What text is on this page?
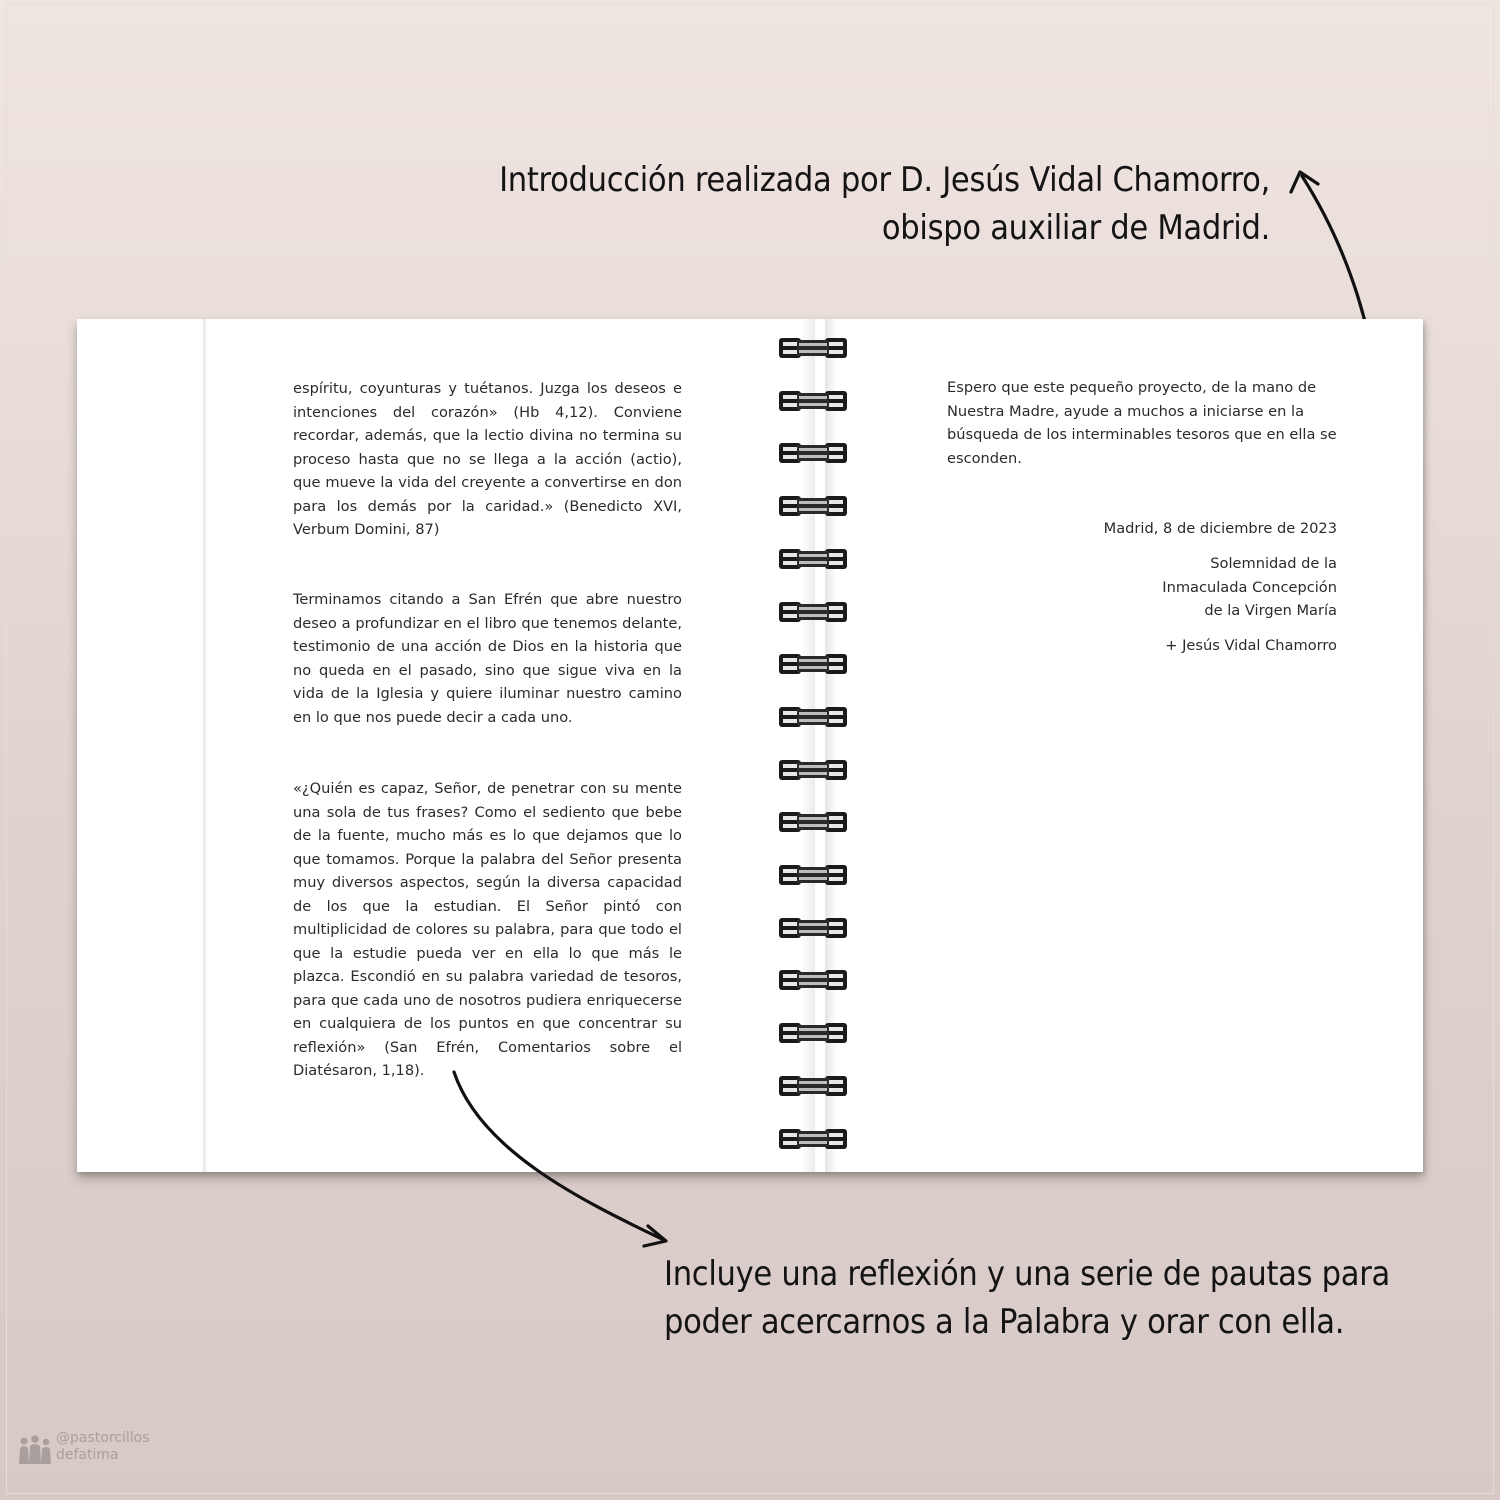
Introducción realizada por D. Jesús Vidal Chamorro,
obispo auxiliar de Madrid.

espíritu, coyunturas y tuétanos. Juzga los deseos e intenciones del corazón» (Hb 4,12). Conviene recordar, además, que la lectio divina no termina su proceso hasta que no se llega a la acción (actio), que mueve la vida del creyente a convertirse en don para los demás por la caridad.» (Benedicto XVI, Verbum Domini, 87)

Terminamos citando a San Efrén que abre nuestro deseo a profundizar en el libro que tenemos delante, testimonio de una acción de Dios en la historia que no queda en el pasado, sino que sigue viva en la vida de la Iglesia y quiere iluminar nuestro camino en lo que nos puede decir a cada uno.

«¿Quién es capaz, Señor, de penetrar con su mente una sola de tus frases? Como el sediento que bebe de la fuente, mucho más es lo que dejamos que lo que tomamos. Porque la palabra del Señor presenta muy diversos aspectos, según la diversa capacidad de los que la estudian. El Señor pintó con multiplicidad de colores su palabra, para que todo el que la estudie pueda ver en ella lo que más le plazca. Escondió en su palabra variedad de tesoros, para que cada uno de nosotros pudiera enriquecerse en cualquiera de los puntos en que concentrar su reflexión» (San Efrén, Comentarios sobre el Diatésaron, 1,18).

Espero que este pequeño proyecto, de la mano de Nuestra Madre, ayude a muchos a iniciarse en la búsqueda de los interminables tesoros que en ella se esconden.

Madrid, 8 de diciembre de 2023

Solemnidad de la
Inmaculada Concepción
de la Virgen María

+ Jesús Vidal Chamorro

Incluye una reflexión y una serie de pautas para
poder acercarnos a la Palabra y orar con ella.
@pastorcillos
defatima
